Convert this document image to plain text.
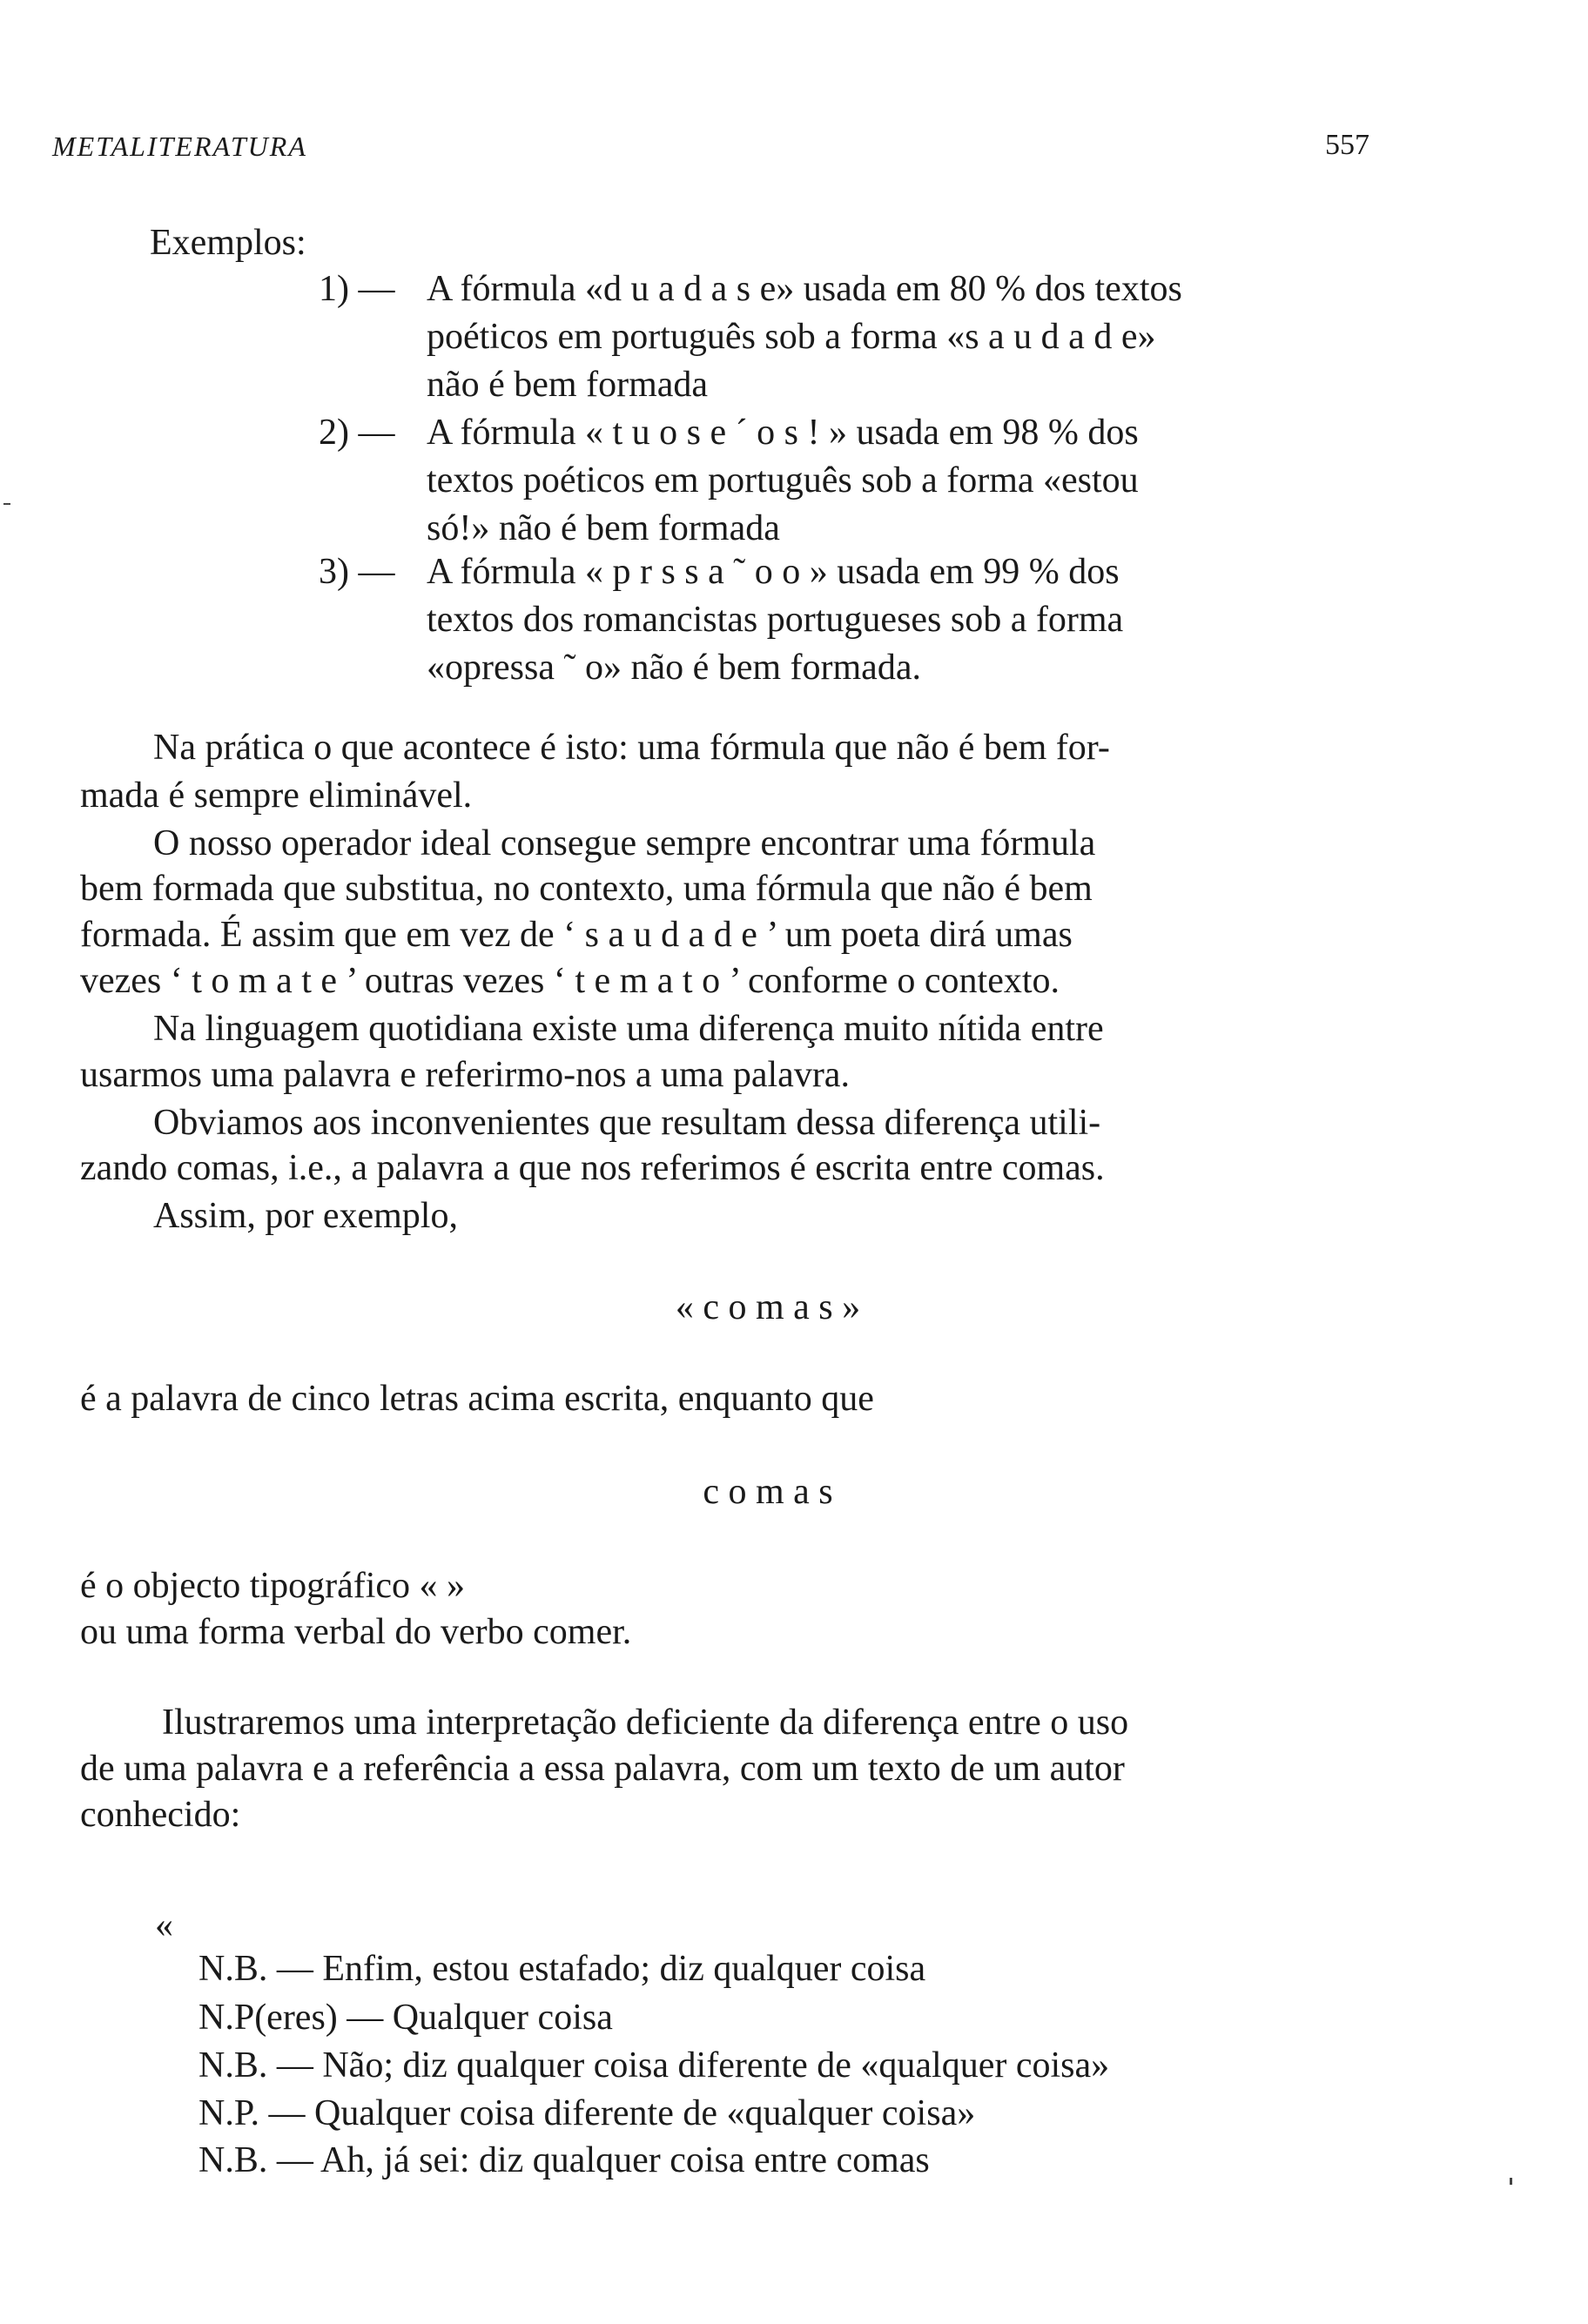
METALITERATURA	557
Exemplos:
1) — A fórmula «d u a d a s e» usada em 80 % dos textos
poéticos em português sob a forma «s a u d a d e»
não é bem formada
2) — A fórmula « t u o s e ´ o s ! » usada em 98 % dos
textos poéticos em português sob a forma «estou
só!» não é bem formada
3) — A fórmula « p r s s a ˜ o o » usada em 99 % dos
textos dos romancistas portugueses sob a forma
«opressa ˜ o» não é bem formada.
Na prática o que acontece é isto: uma fórmula que não é bem for-
mada é sempre eliminável.
O nosso operador ideal consegue sempre encontrar uma fórmula
bem formada que substitua, no contexto, uma fórmula que não é bem
formada. É assim que em vez de ‘ s a u d a d e ’ um poeta dirá umas
vezes ‘ t o m a t e ’ outras vezes ‘ t e m a t o ’ conforme o contexto.
Na linguagem quotidiana existe uma diferença muito nítida entre
usarmos uma palavra e referirmo-nos a uma palavra.
Obviamos aos inconvenientes que resultam dessa diferença utili-
zando comas, i.e., a palavra a que nos referimos é escrita entre comas.
Assim, por exemplo,
« c o m a s »
é a palavra de cinco letras acima escrita, enquanto que
c o m a s
é o objecto tipográfico « »
ou uma forma verbal do verbo comer.
Ilustraremos uma interpretação deficiente da diferença entre o uso
de uma palavra e a referência a essa palavra, com um texto de um autor
conhecido:
«
N.B. — Enfim, estou estafado; diz qualquer coisa
N.P(eres) — Qualquer coisa
N.B. — Não; diz qualquer coisa diferente de «qualquer coisa»
N.P. — Qualquer coisa diferente de «qualquer coisa»
N.B. — Ah, já sei: diz qualquer coisa entre comas
